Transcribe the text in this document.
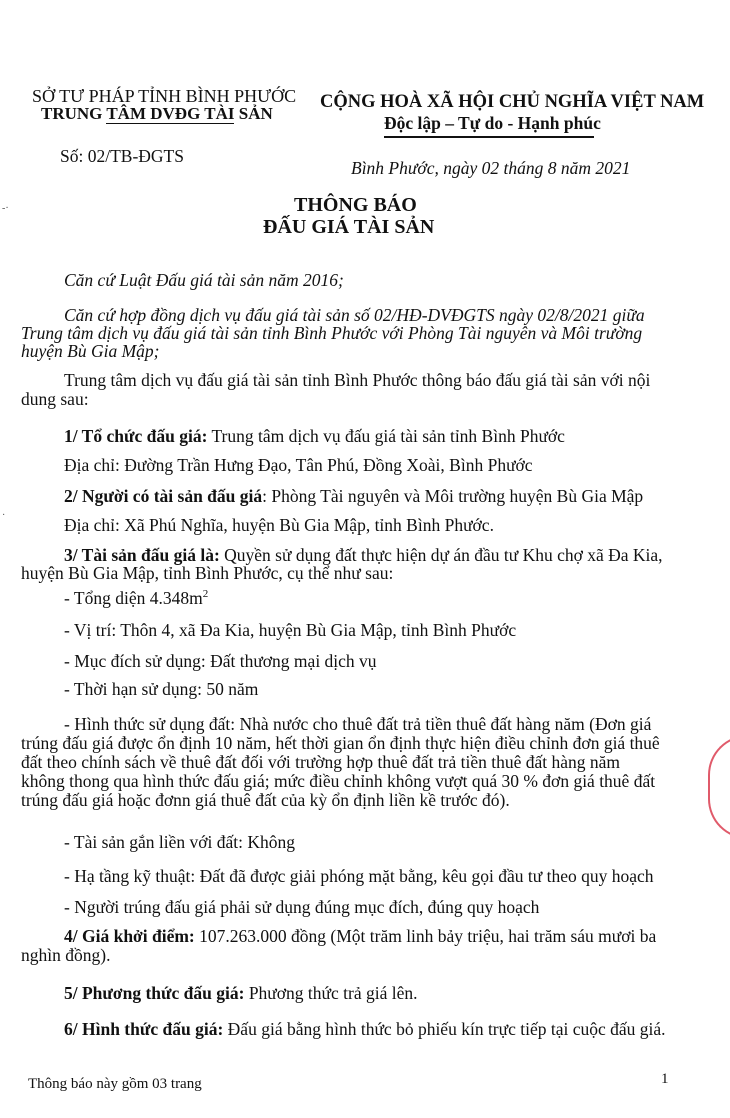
SỞ TƯ PHÁP TỈNH BÌNH PHƯỚC
TRUNG TÂM DVĐG TÀI SẢN
CỘNG HOÀ XÃ HỘI CHỦ NGHĨA VIỆT NAM
Độc lập – Tự do - Hạnh phúc
Số: 02/TB-ĐGTS
Bình Phước, ngày 02 tháng 8 năm 2021
THÔNG BÁO
ĐẤU GIÁ TÀI SẢN
Căn cứ Luật Đấu giá tài sản năm 2016;
Căn cứ hợp đồng dịch vụ đấu giá tài sản số 02/HĐ-DVĐGTS ngày 02/8/2021 giữa
Trung tâm dịch vụ đấu giá tài sản tỉnh Bình Phước với Phòng Tài nguyên và Môi trường
huyện Bù Gia Mập;
Trung tâm dịch vụ đấu giá tài sản tỉnh Bình Phước thông báo đấu giá tài sản với nội
dung sau:
1/ Tổ chức đấu giá: Trung tâm dịch vụ đấu giá tài sản tỉnh Bình Phước
Địa chỉ: Đường Trần Hưng Đạo, Tân Phú, Đồng Xoài, Bình Phước
2/ Người có tài sản đấu giá: Phòng Tài nguyên và Môi trường huyện Bù Gia Mập
Địa chỉ: Xã Phú Nghĩa, huyện Bù Gia Mập, tỉnh Bình Phước.
3/ Tài sản đấu giá là: Quyền sử dụng đất thực hiện dự án đầu tư Khu chợ xã Đa Kia,
huyện Bù Gia Mập, tỉnh Bình Phước, cụ thể như sau:
- Tổng diện $4.348m^2$
- Vị trí: Thôn 4, xã Đa Kia, huyện Bù Gia Mập, tỉnh Bình Phước
- Mục đích sử dụng: Đất thương mại dịch vụ
- Thời hạn sử dụng: 50 năm
- Hình thức sử dụng đất: Nhà nước cho thuê đất trả tiền thuê đất hàng năm (Đơn giá
trúng đấu giá được ổn định 10 năm, hết thời gian ổn định thực hiện điều chỉnh đơn giá thuê
đất theo chính sách về thuê đất đối với trường hợp thuê đất trả tiền thuê đất hàng năm
không thong qua hình thức đấu giá; mức điều chỉnh không vượt quá 30 % đơn giá thuê đất
trúng đấu giá hoặc đơnn giá thuê đất của kỳ ổn định liền kề trước đó).
- Tài sản gắn liền với đất: Không
- Hạ tầng kỹ thuật: Đất đã được giải phóng mặt bằng, kêu gọi đầu tư theo quy hoạch
- Người trúng đấu giá phải sử dụng đúng mục đích, đúng quy hoạch
4/ Giá khởi điểm: 107.263.000 đồng (Một trăm linh bảy triệu, hai trăm sáu mươi ba
nghìn đồng).
5/ Phương thức đấu giá: Phương thức trả giá lên.
6/ Hình thức đấu giá: Đấu giá bằng hình thức bỏ phiếu kín trực tiếp tại cuộc đấu giá.
Thông báo này gồm 03 trang	1
-·
·
